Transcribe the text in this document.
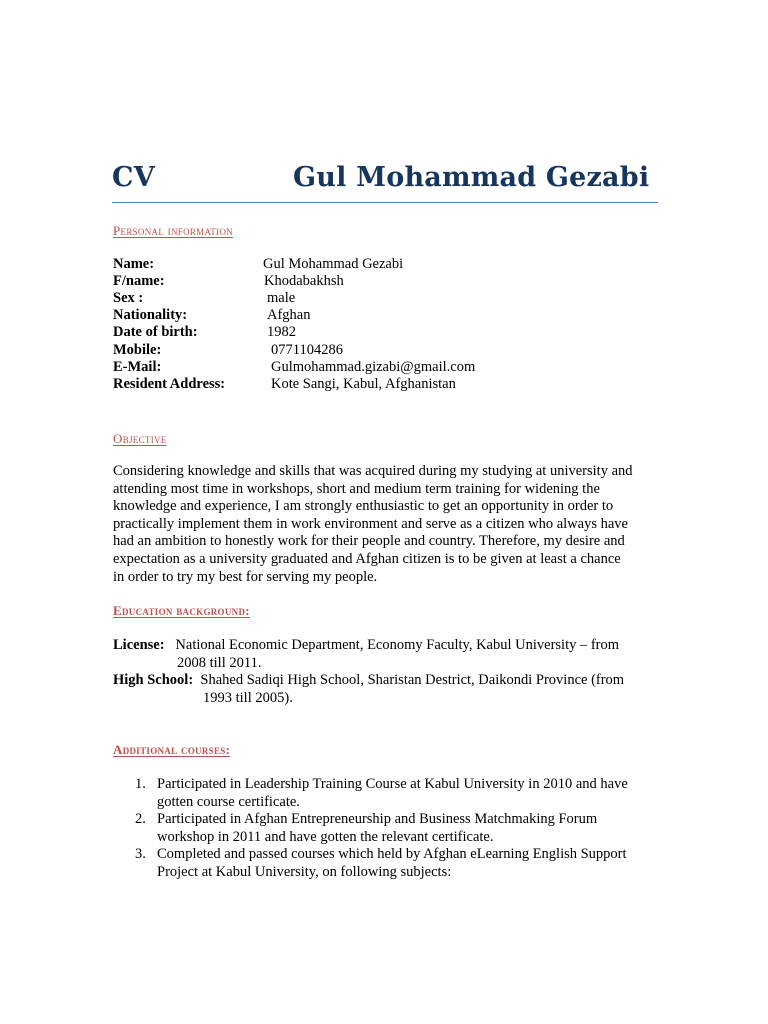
CV	Gul Mohammad Gezabi
Personal information
Name:	Gul Mohammad Gezabi
F/name:	Khodabakhsh
Sex :	male
Nationality:	Afghan
Date of birth:	1982
Mobile:	0771104286
E-Mail:	Gulmohammad.gizabi@gmail.com
Resident Address:	Kote Sangi, Kabul, Afghanistan
Objective
Considering knowledge and skills that was acquired during my studying at university and
attending most time in workshops, short and medium term training for widening the
knowledge and experience, I am strongly enthusiastic to get an opportunity in order to
practically implement them in work environment and serve as a citizen who always have
had an ambition to honestly work for their people and country. Therefore, my desire and
expectation as a university graduated and Afghan citizen is to be given at least a chance
in order to try my best for serving my people.
Education background:
License: National Economic Department, Economy Faculty, Kabul University – from
2008 till 2011.
High School: Shahed Sadiqi High School, Sharistan Destrict, Daikondi Province (from
1993 till 2005).
Additional courses:
1. Participated in Leadership Training Course at Kabul University in 2010 and have
gotten course certificate.
2. Participated in Afghan Entrepreneurship and Business Matchmaking Forum
workshop in 2011 and have gotten the relevant certificate.
3. Completed and passed courses which held by Afghan eLearning English Support
Project at Kabul University, on following subjects:
